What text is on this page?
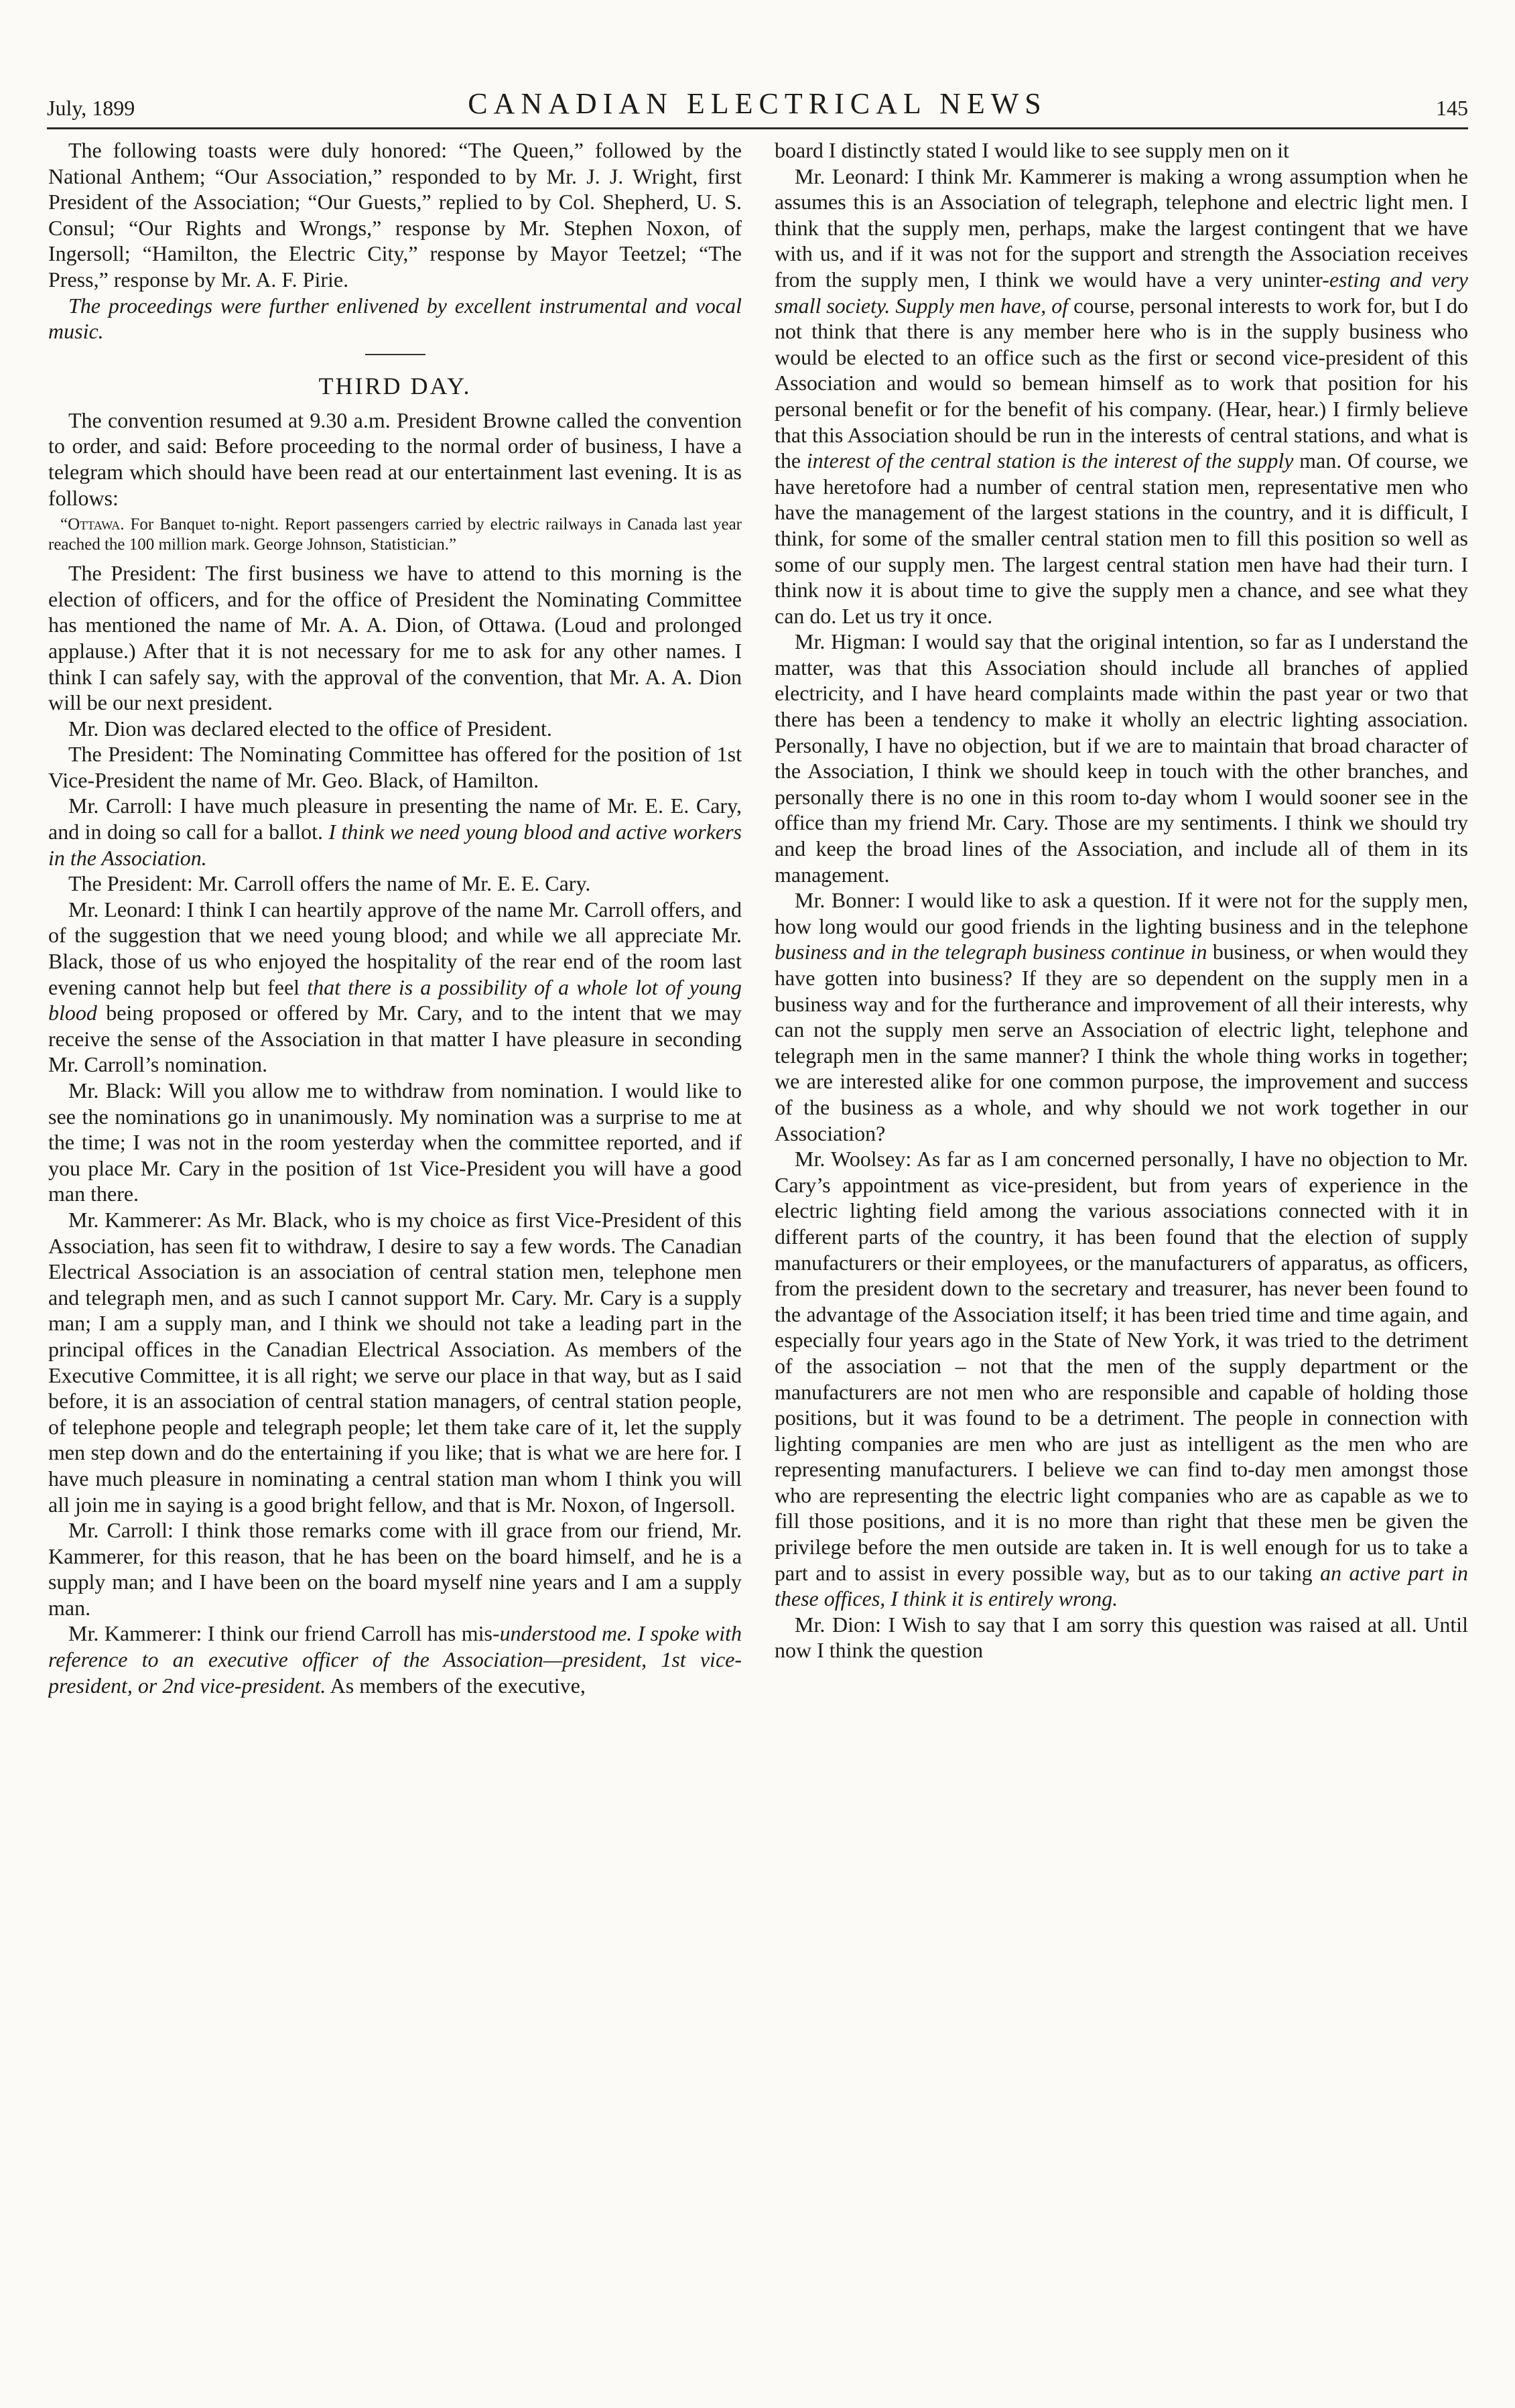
July, 1899	CANADIAN ELECTRICAL NEWS	145

The following toasts were duly honored: “The Queen,” followed by the National Anthem; “Our Association,” responded to by Mr. J. J. Wright, first President of the Association; “Our Guests,” replied to by Col. Shepherd, U. S. Consul; “Our Rights and Wrongs,” response by Mr. Stephen Noxon, of Ingersoll; “Hamilton, the Electric City,” response by Mayor Teetzel; “The Press,” response by Mr. A. F. Pirie.

The proceedings were further enlivened by excellent instrumental and vocal music.

THIRD DAY.

The convention resumed at 9.30 a.m. President Browne called the convention to order, and said: Before proceeding to the normal order of business, I have a telegram which should have been read at our entertainment last evening. It is as follows:

“Ottawa. For Banquet to-night. Report passengers carried by electric railways in Canada last year reached the 100 million mark. George Johnson, Statistician.”

The President: The first business we have to attend to this morning is the election of officers, and for the office of President the Nominating Committee has mentioned the name of Mr. A. A. Dion, of Ottawa. (Loud and prolonged applause.) After that it is not necessary for me to ask for any other names. I think I can safely say, with the approval of the convention, that Mr. A. A. Dion will be our next president.

Mr. Dion was declared elected to the office of President.

The President: The Nominating Committee has offered for the position of 1st Vice-President the name of Mr. Geo. Black, of Hamilton.

Mr. Carroll: I have much pleasure in presenting the name of Mr. E. E. Cary, and in doing so call for a ballot. I think we need young blood and active workers in the Association.

The President: Mr. Carroll offers the name of Mr. E. E. Cary.

Mr. Leonard: I think I can heartily approve of the name Mr. Carroll offers, and of the suggestion that we need young blood; and while we all appreciate Mr. Black, those of us who enjoyed the hospitality of the rear end of the room last evening cannot help but feel that there is a possibility of a whole lot of young blood being proposed or offered by Mr. Cary, and to the intent that we may receive the sense of the Association in that matter I have pleasure in seconding Mr. Carroll’s nomination.

Mr. Black: Will you allow me to withdraw from nomination. I would like to see the nominations go in unanimously. My nomination was a surprise to me at the time; I was not in the room yesterday when the committee reported, and if you place Mr. Cary in the position of 1st Vice-President you will have a good man there.

Mr. Kammerer: As Mr. Black, who is my choice as first Vice-President of this Association, has seen fit to withdraw, I desire to say a few words. The Canadian Electrical Association is an association of central station men, telephone men and telegraph men, and as such I cannot support Mr. Cary. Mr. Cary is a supply man; I am a supply man, and I think we should not take a leading part in the principal offices in the Canadian Electrical Association. As members of the Executive Committee, it is all right; we serve our place in that way, but as I said before, it is an association of central station managers, of central station people, of telephone people and telegraph people; let them take care of it, let the supply men step down and do the entertaining if you like; that is what we are here for. I have much pleasure in nominating a central station man whom I think you will all join me in saying is a good bright fellow, and that is Mr. Noxon, of Ingersoll.

Mr. Carroll: I think those remarks come with ill grace from our friend, Mr. Kammerer, for this reason, that he has been on the board himself, and he is a supply man; and I have been on the board myself nine years and I am a supply man.

Mr. Kammerer: I think our friend Carroll has mis-understood me. I spoke with reference to an executive officer of the Association—president, 1st vice-president, or 2nd vice-president. As members of the executive,

board I distinctly stated I would like to see supply men on it

Mr. Leonard: I think Mr. Kammerer is making a wrong assumption when he assumes this is an Association of telegraph, telephone and electric light men. I think that the supply men, perhaps, make the largest contingent that we have with us, and if it was not for the support and strength the Association receives from the supply men, I think we would have a very uninter-esting and very small society. Supply men have, of course, personal interests to work for, but I do not think that there is any member here who is in the supply business who would be elected to an office such as the first or second vice-president of this Association and would so bemean himself as to work that position for his personal benefit or for the benefit of his company. (Hear, hear.) I firmly believe that this Association should be run in the interests of central stations, and what is the interest of the central station is the interest of the supply man. Of course, we have heretofore had a number of central station men, representative men who have the management of the largest stations in the country, and it is difficult, I think, for some of the smaller central station men to fill this position so well as some of our supply men. The largest central station men have had their turn. I think now it is about time to give the supply men a chance, and see what they can do. Let us try it once.

Mr. Higman: I would say that the original intention, so far as I understand the matter, was that this Association should include all branches of applied electricity, and I have heard complaints made within the past year or two that there has been a tendency to make it wholly an electric lighting association. Personally, I have no objection, but if we are to maintain that broad character of the Association, I think we should keep in touch with the other branches, and personally there is no one in this room to-day whom I would sooner see in the office than my friend Mr. Cary. Those are my sentiments. I think we should try and keep the broad lines of the Association, and include all of them in its management.

Mr. Bonner: I would like to ask a question. If it were not for the supply men, how long would our good friends in the lighting business and in the telephone business and in the telegraph business continue in business, or when would they have gotten into business? If they are so dependent on the supply men in a business way and for the furtherance and improvement of all their interests, why can not the supply men serve an Association of electric light, telephone and telegraph men in the same manner? I think the whole thing works in together; we are interested alike for one common purpose, the improvement and success of the business as a whole, and why should we not work together in our Association?

Mr. Woolsey: As far as I am concerned personally, I have no objection to Mr. Cary’s appointment as vice-president, but from years of experience in the electric lighting field among the various associations connected with it in different parts of the country, it has been found that the election of supply manufacturers or their employees, or the manufacturers of apparatus, as officers, from the president down to the secretary and treasurer, has never been found to the advantage of the Association itself; it has been tried time and time again, and especially four years ago in the State of New York, it was tried to the detriment of the association – not that the men of the supply department or the manufacturers are not men who are responsible and capable of holding those positions, but it was found to be a detriment. The people in connection with lighting companies are men who are just as intelligent as the men who are representing manufacturers. I believe we can find to-day men amongst those who are representing the electric light companies who are as capable as we to fill those positions, and it is no more than right that these men be given the privilege before the men outside are taken in. It is well enough for us to take a part and to assist in every possible way, but as to our taking an active part in these offices, I think it is entirely wrong.

Mr. Dion: I Wish to say that I am sorry this question was raised at all. Until now I think the question
